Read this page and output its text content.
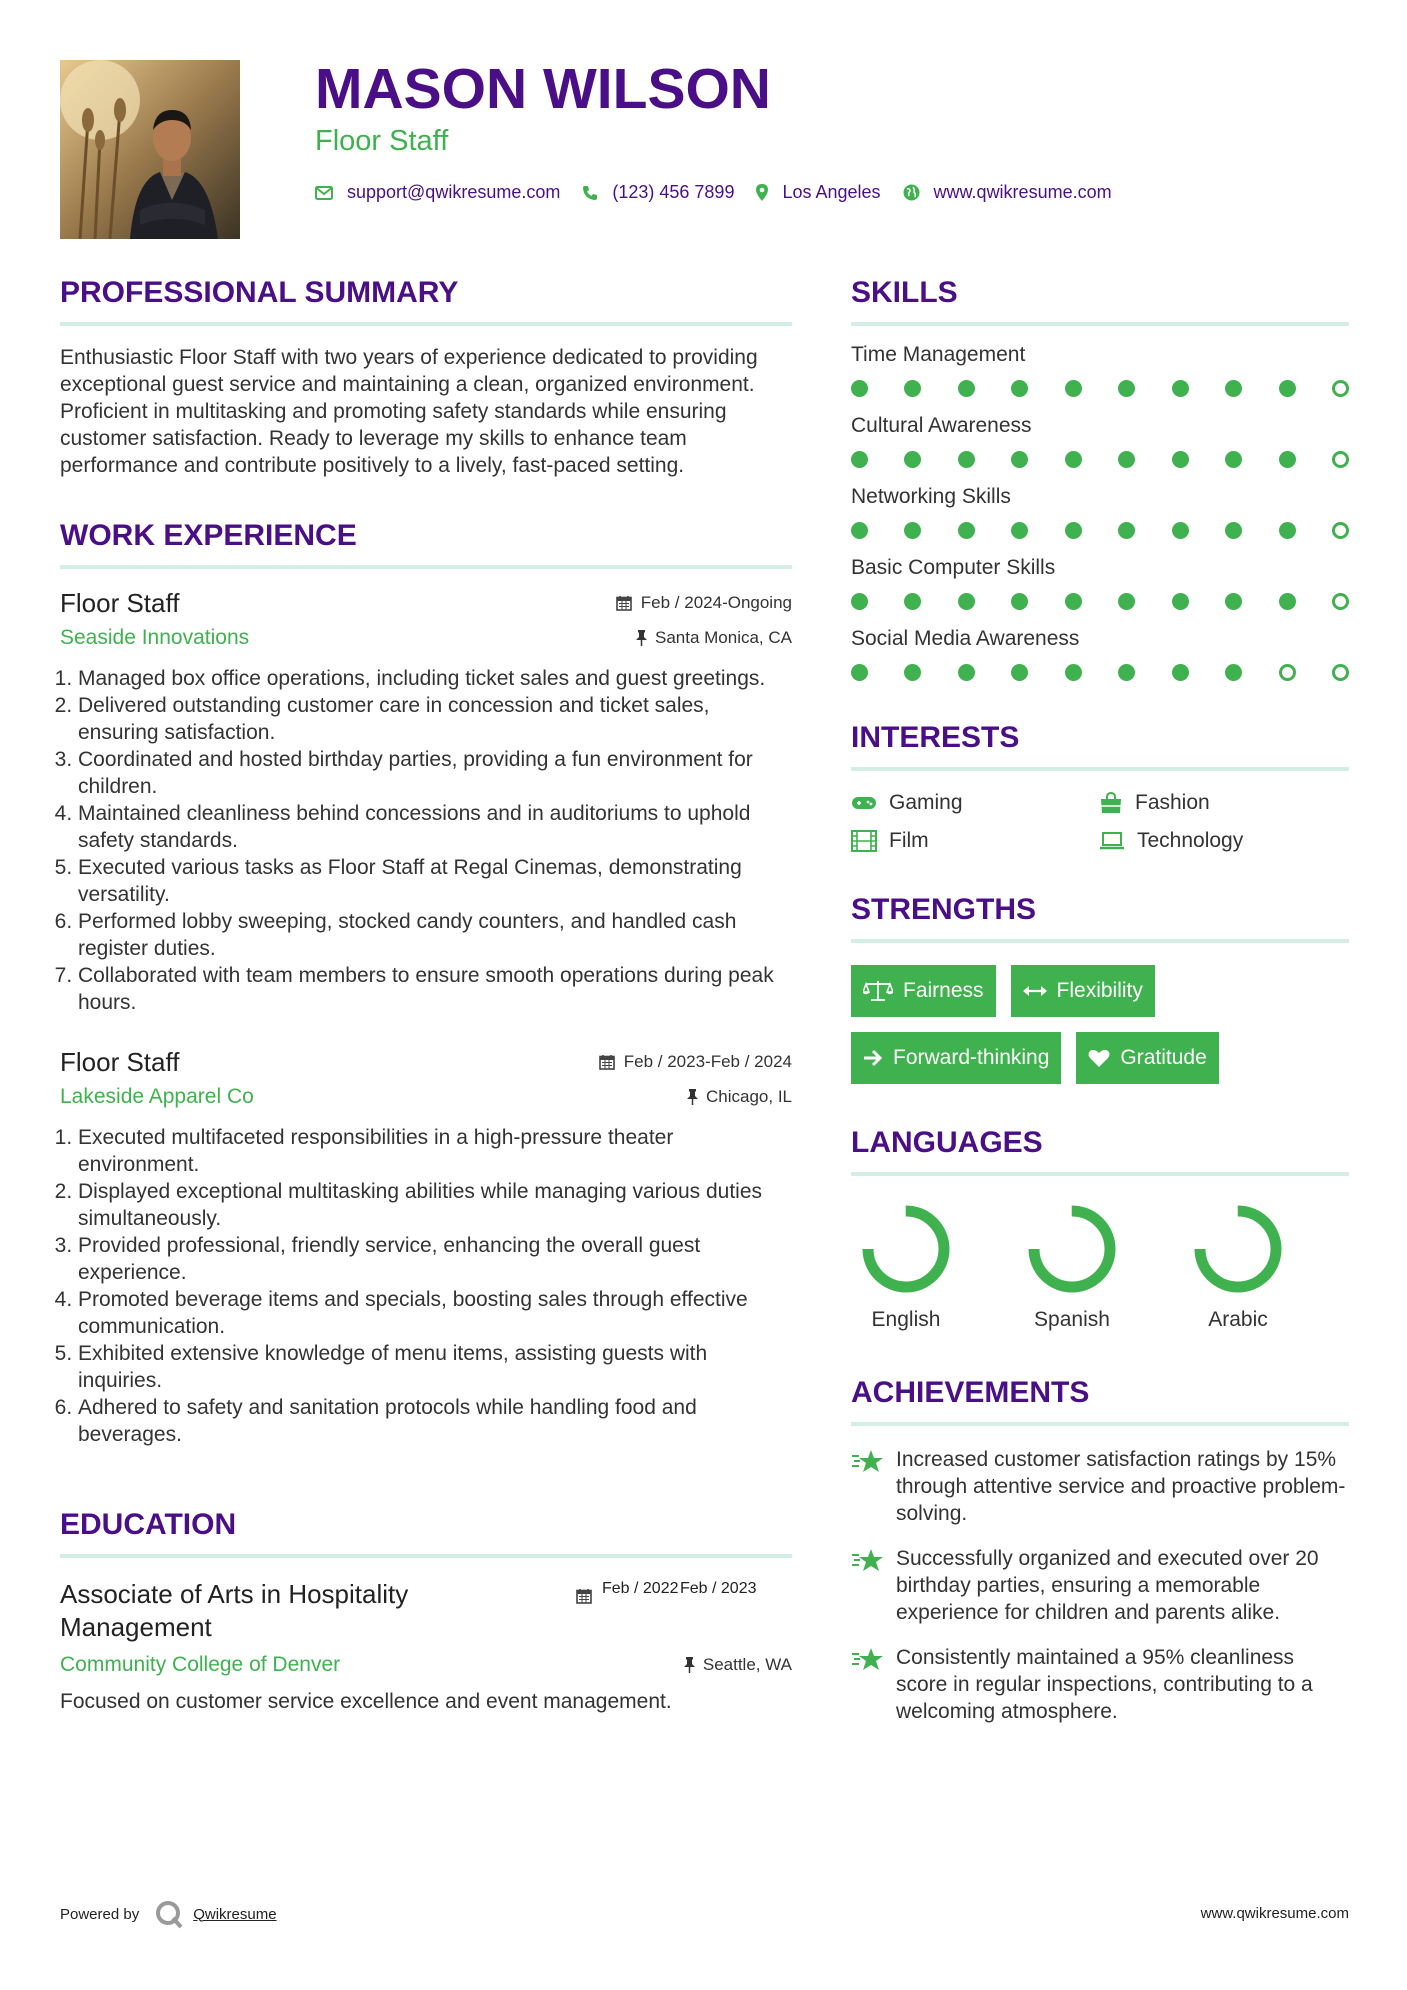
MASON WILSON
Floor Staff
support@qwikresume.com	(123) 456 7899	Los Angeles	www.qwikresume.com
PROFESSIONAL SUMMARY

Enthusiastic Floor Staff with two years of experience dedicated to providing exceptional guest service and maintaining a clean, organized environment. Proficient in multitasking and promoting safety standards while ensuring customer satisfaction. Ready to leverage my skills to enhance team performance and contribute positively to a lively, fast-paced setting.

WORK EXPERIENCE
Floor Staff	Feb / 2024-Ongoing
Seaside Innovations	Santa Monica, CA
1. Managed box office operations, including ticket sales and guest greetings.
2. Delivered outstanding customer care in concession and ticket sales, ensuring satisfaction.
3. Coordinated and hosted birthday parties, providing a fun environment for children.
4. Maintained cleanliness behind concessions and in auditoriums to uphold safety standards.
5. Executed various tasks as Floor Staff at Regal Cinemas, demonstrating versatility.
6. Performed lobby sweeping, stocked candy counters, and handled cash register duties.
7. Collaborated with team members to ensure smooth operations during peak hours.
Floor Staff	Feb / 2023-Feb / 2024
Lakeside Apparel Co	Chicago, IL
1. Executed multifaceted responsibilities in a high-pressure theater environment.
2. Displayed exceptional multitasking abilities while managing various duties simultaneously.
3. Provided professional, friendly service, enhancing the overall guest experience.
4. Promoted beverage items and specials, boosting sales through effective communication.
5. Exhibited extensive knowledge of menu items, assisting guests with inquiries.
6. Adhered to safety and sanitation protocols while handling food and beverages.
EDUCATION
Associate of Arts in Hospitality Management
Feb / 2022 Feb / 2023
Community College of Denver	Seattle, WA
Focused on customer service excellence and event management.
SKILLS
Time Management
Cultural Awareness
Networking Skills
Basic Computer Skills
Social Media Awareness
INTERESTS
Gaming	Fashion
Film	Technology
STRENGTHS
Fairness	Flexibility
Forward-thinking	Gratitude
LANGUAGES
English	Spanish	Arabic
ACHIEVEMENTS
Increased customer satisfaction ratings by 15% through attentive service and proactive problem-solving.
Successfully organized and executed over 20 birthday parties, ensuring a memorable experience for children and parents alike.
Consistently maintained a 95% cleanliness score in regular inspections, contributing to a welcoming atmosphere.
Powered by	Qwikresume	www.qwikresume.com
